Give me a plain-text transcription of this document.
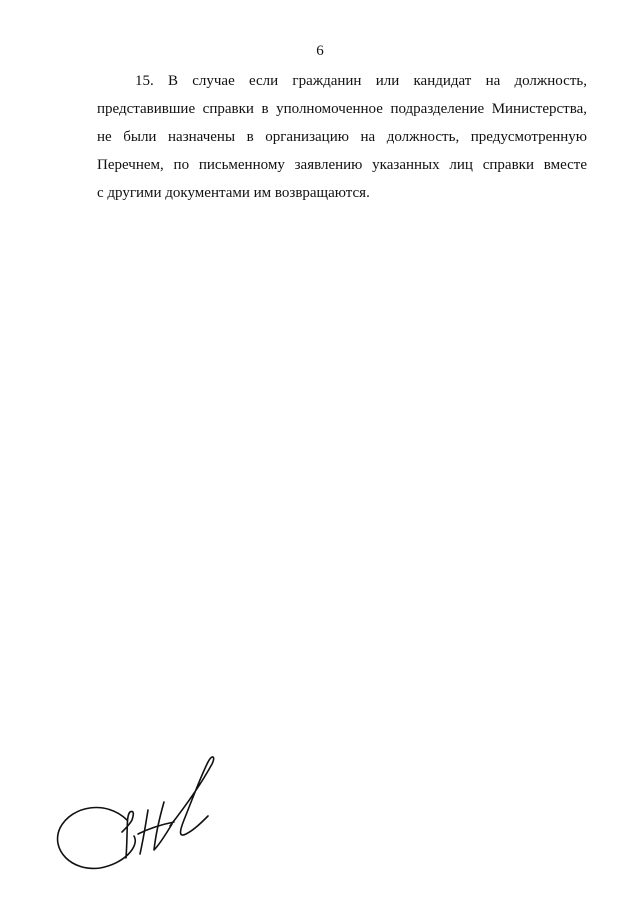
6
15. В случае если гражданин или кандидат на должность,
представившие справки в уполномоченное подразделение Министерства,
не были назначены в организацию на должность, предусмотренную
Перечнем, по письменному заявлению указанных лиц справки вместе
с другими документами им возвращаются.
